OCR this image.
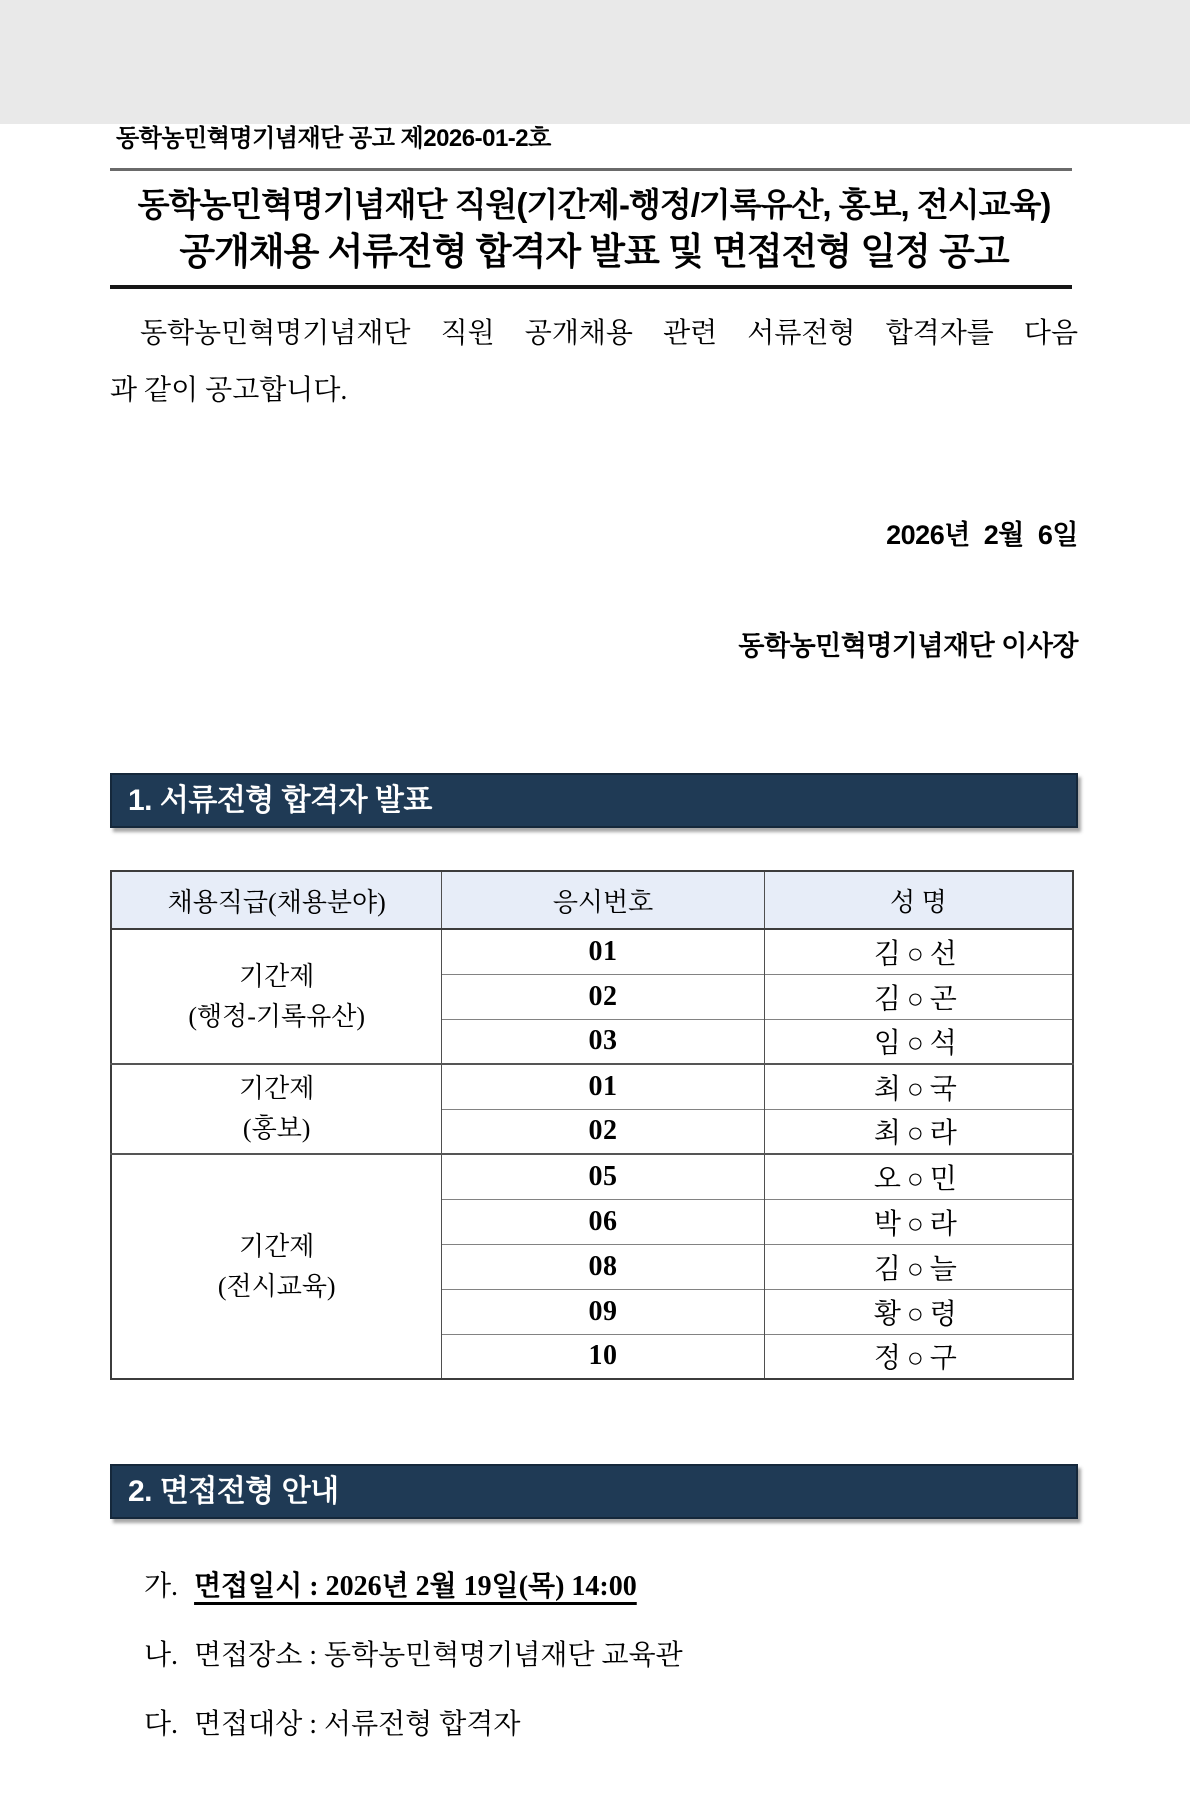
동학농민혁명기념재단 공고 제2026-01-2호
동학농민혁명기념재단 직원(기간제-행정/기록유산, 홍보, 전시교육)
공개채용 서류전형 합격자 발표 및 면접전형 일정 공고
동학농민혁명기념재단 직원 공개채용 관련 서류전형 합격자를 다음
과 같이 공고합니다.

2026년  2월  6일

동학농민혁명기념재단 이사장

1. 서류전형 합격자 발표
채용직급(채용분야)	응시번호	성 명

기간제
(행정-기록유산)	01	김○선
	02	김○곤
	03	임○석

기간제
(홍보)	01	최○국
	02	최○라

기간제
(전시교육)	05	오○민
	06	박○라
	08	김○늘
	09	황○령
	10	정○구
2. 면접전형 안내
가. 면접일시 : 2026년 2월 19일(목) 14:00
나. 면접장소 : 동학농민혁명기념재단 교육관
다. 면접대상 : 서류전형 합격자
